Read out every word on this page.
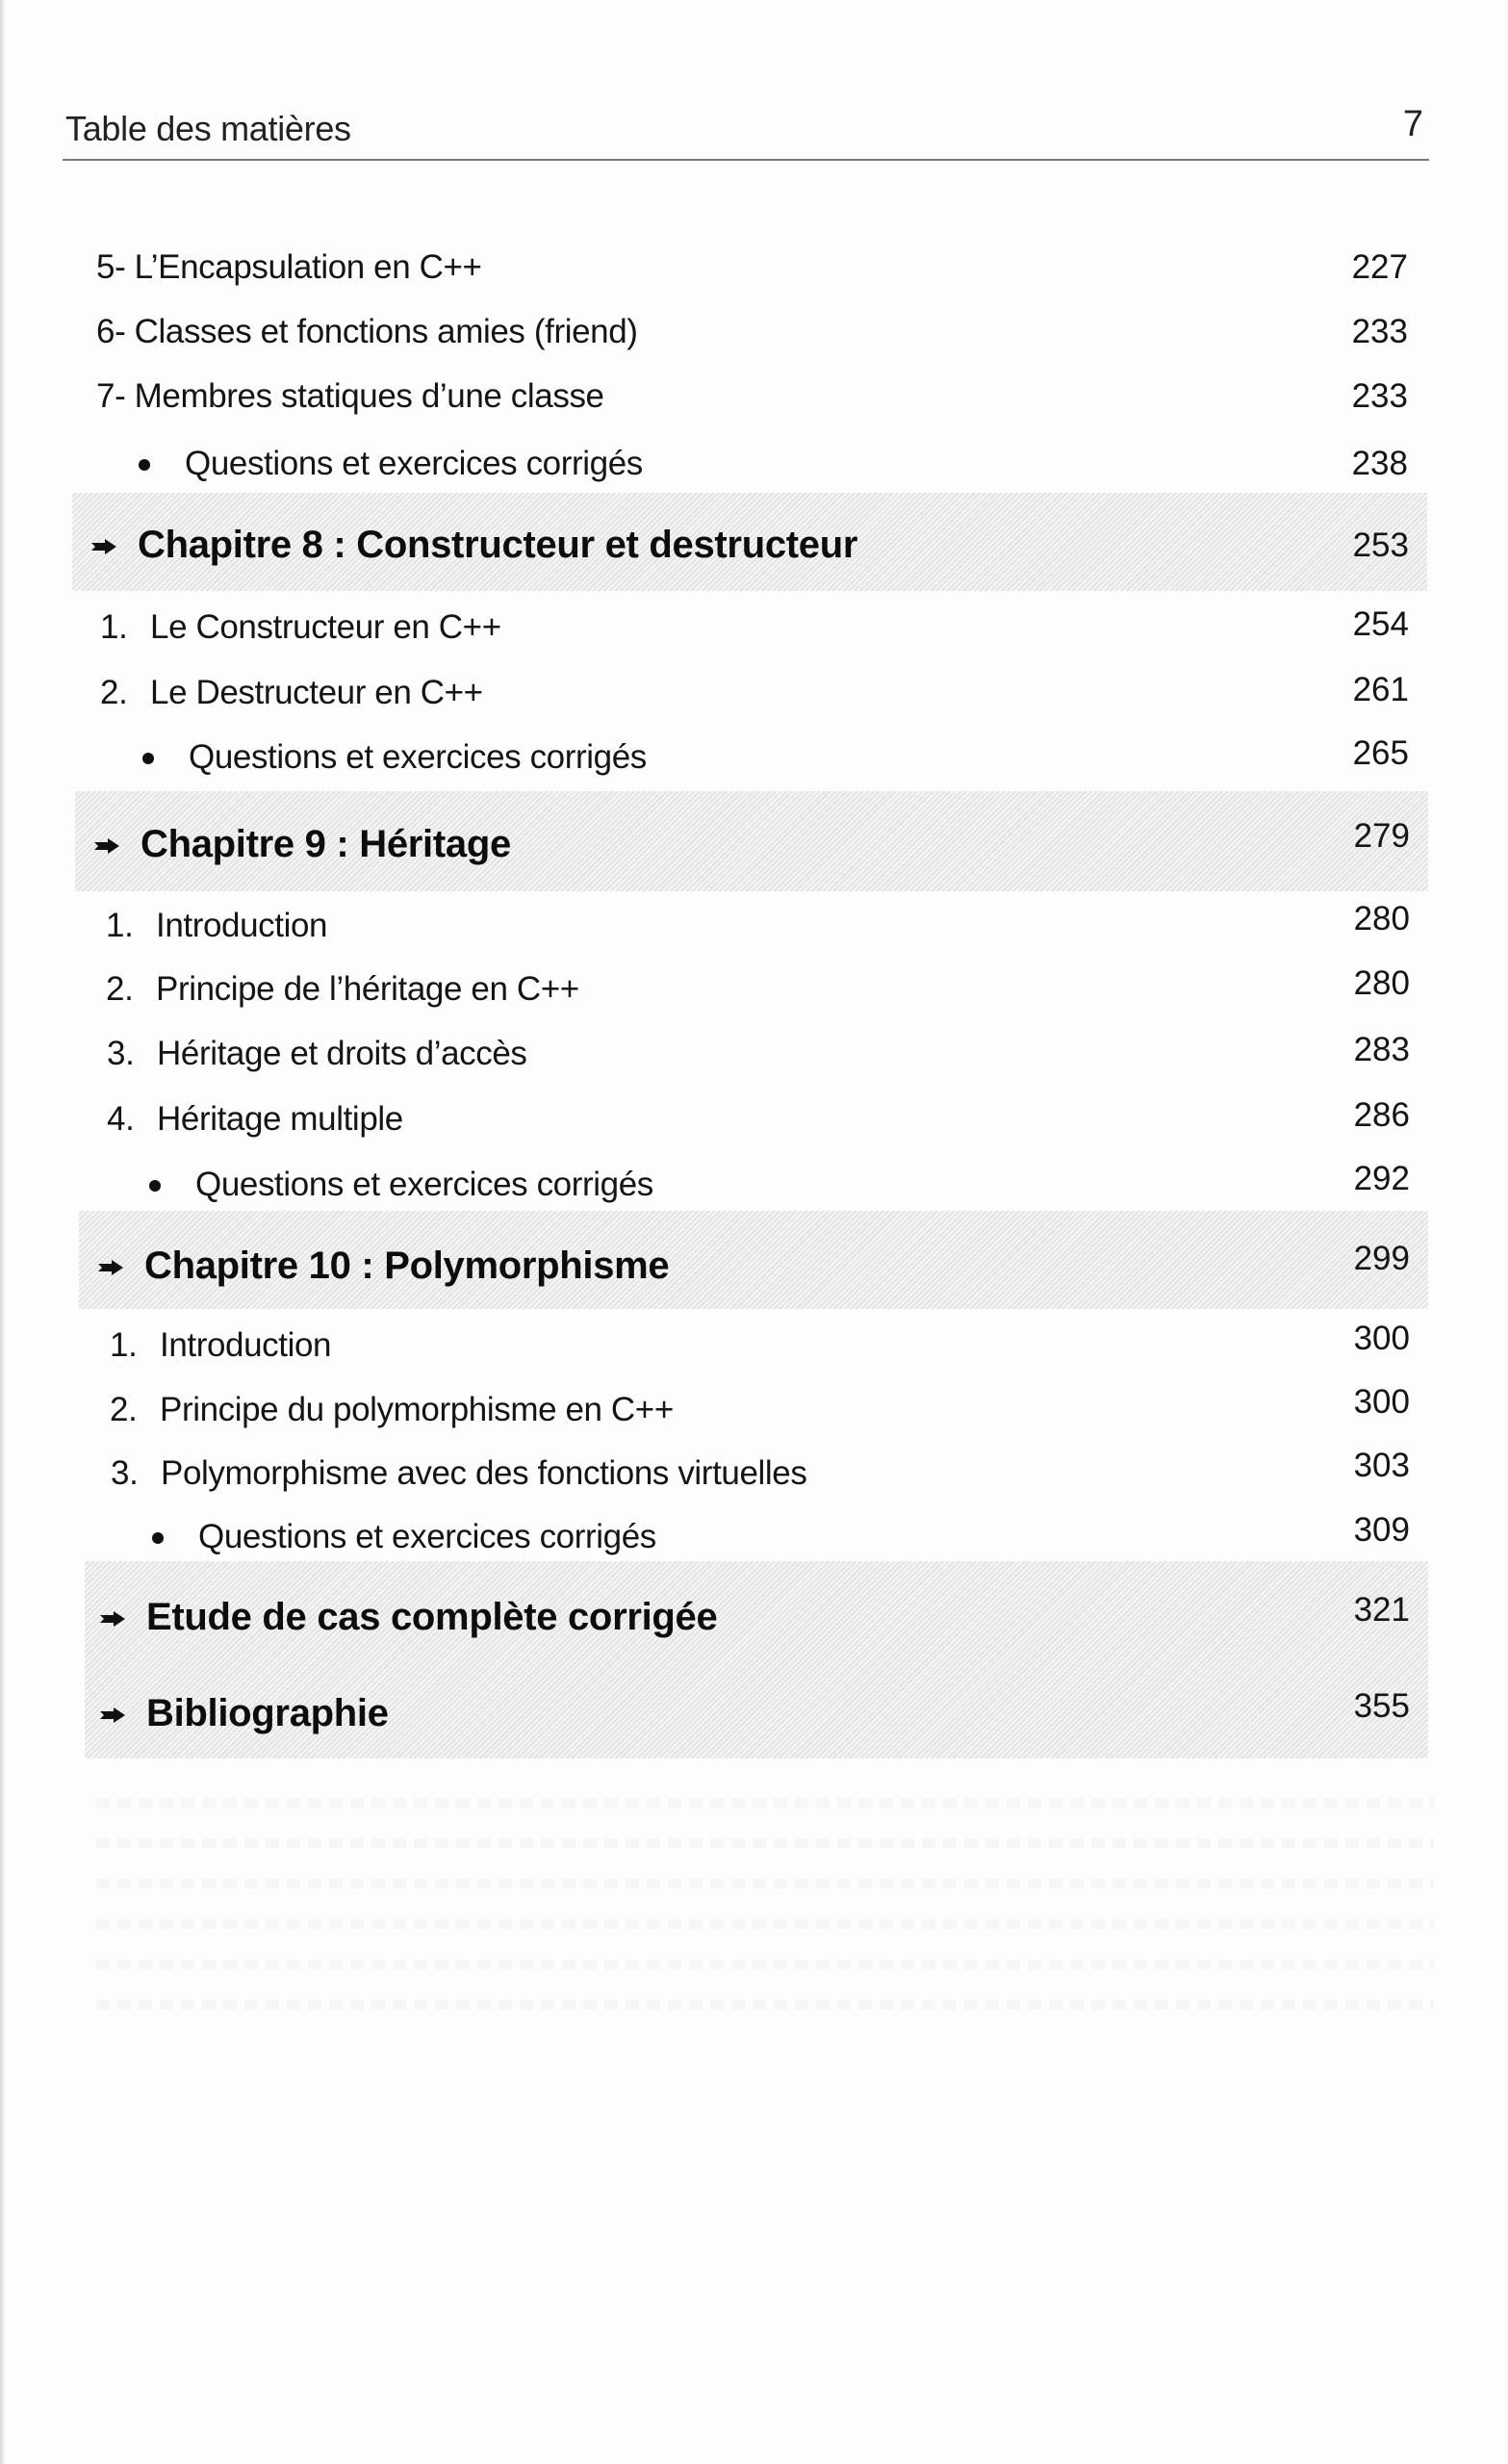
Table des matières	7
5- L’Encapsulation en C++	227
6- Classes et fonctions amies (friend)	233
7- Membres statiques d’une classe	233
Questions et exercices corrigés	238
Chapitre 8 : Constructeur et destructeur	253
1. Le Constructeur en C++	254
2. Le Destructeur en C++	261
Questions et exercices corrigés	265
Chapitre 9 : Héritage	279
1. Introduction	280
2. Principe de l’héritage en C++	280
3. Héritage et droits d’accès	283
4. Héritage multiple	286
Questions et exercices corrigés	292
Chapitre 10 : Polymorphisme	299
1. Introduction	300
2. Principe du polymorphisme en C++	300
3. Polymorphisme avec des fonctions virtuelles	303
Questions et exercices corrigés	309
Etude de cas complète corrigée	321
Bibliographie	355
